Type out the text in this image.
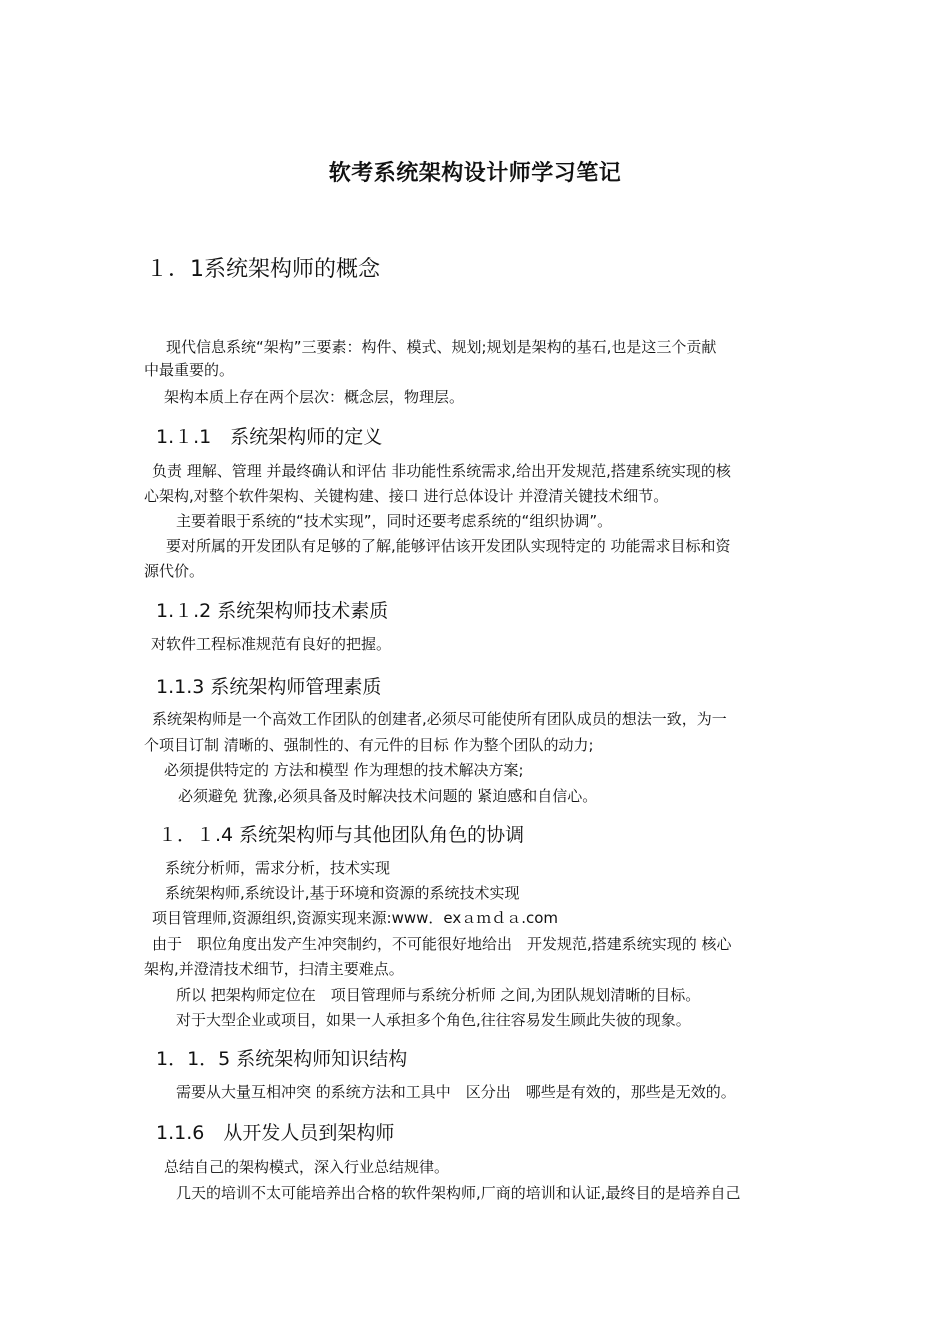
软考系统架构设计师学习笔记
１．1系统架构师的概念
现代信息系统“架构”三要素：构件、模式、规划;规划是架构的基石,也是这三个贡献
中最重要的。
架构本质上存在两个层次：概念层，物理层。
1.１.1　系统架构师的定义
负责 理解、管理 并最终确认和评估 非功能性系统需求,给出开发规范,搭建系统实现的核
心架构,对整个软件架构、关键构建、接口 进行总体设计 并澄清关键技术细节。
主要着眼于系统的“技术实现”，同时还要考虑系统的“组织协调”。
要对所属的开发团队有足够的了解,能够评估该开发团队实现特定的 功能需求目标和资
源代价。
1.１.2 系统架构师技术素质
对软件工程标准规范有良好的把握。
1.1.3 系统架构师管理素质
系统架构师是一个高效工作团队的创建者,必须尽可能使所有团队成员的想法一致，为一
个项目订制 清晰的、强制性的、有元件的目标 作为整个团队的动力;
必须提供特定的 方法和模型 作为理想的技术解决方案;
必须避免 犹豫,必须具备及时解决技术问题的 紧迫感和自信心。
１．１.4 系统架构师与其他团队角色的协调
系统分析师，需求分析，技术实现
系统架构师,系统设计,基于环境和资源的系统技术实现
项目管理师,资源组织,资源实现来源:www．exａｍｄａ.com
由于　职位角度出发产生冲突制约，不可能很好地给出　开发规范,搭建系统实现的 核心
架构,并澄清技术细节，扫清主要难点。
所以 把架构师定位在　项目管理师与系统分析师 之间,为团队规划清晰的目标。
对于大型企业或项目，如果一人承担多个角色,往往容易发生顾此失彼的现象。
1．1．5 系统架构师知识结构
需要从大量互相冲突 的系统方法和工具中　区分出　哪些是有效的，那些是无效的。
1.1.6　从开发人员到架构师
总结自己的架构模式，深入行业总结规律。
几天的培训不太可能培养出合格的软件架构师,厂商的培训和认证,最终目的是培养自己
